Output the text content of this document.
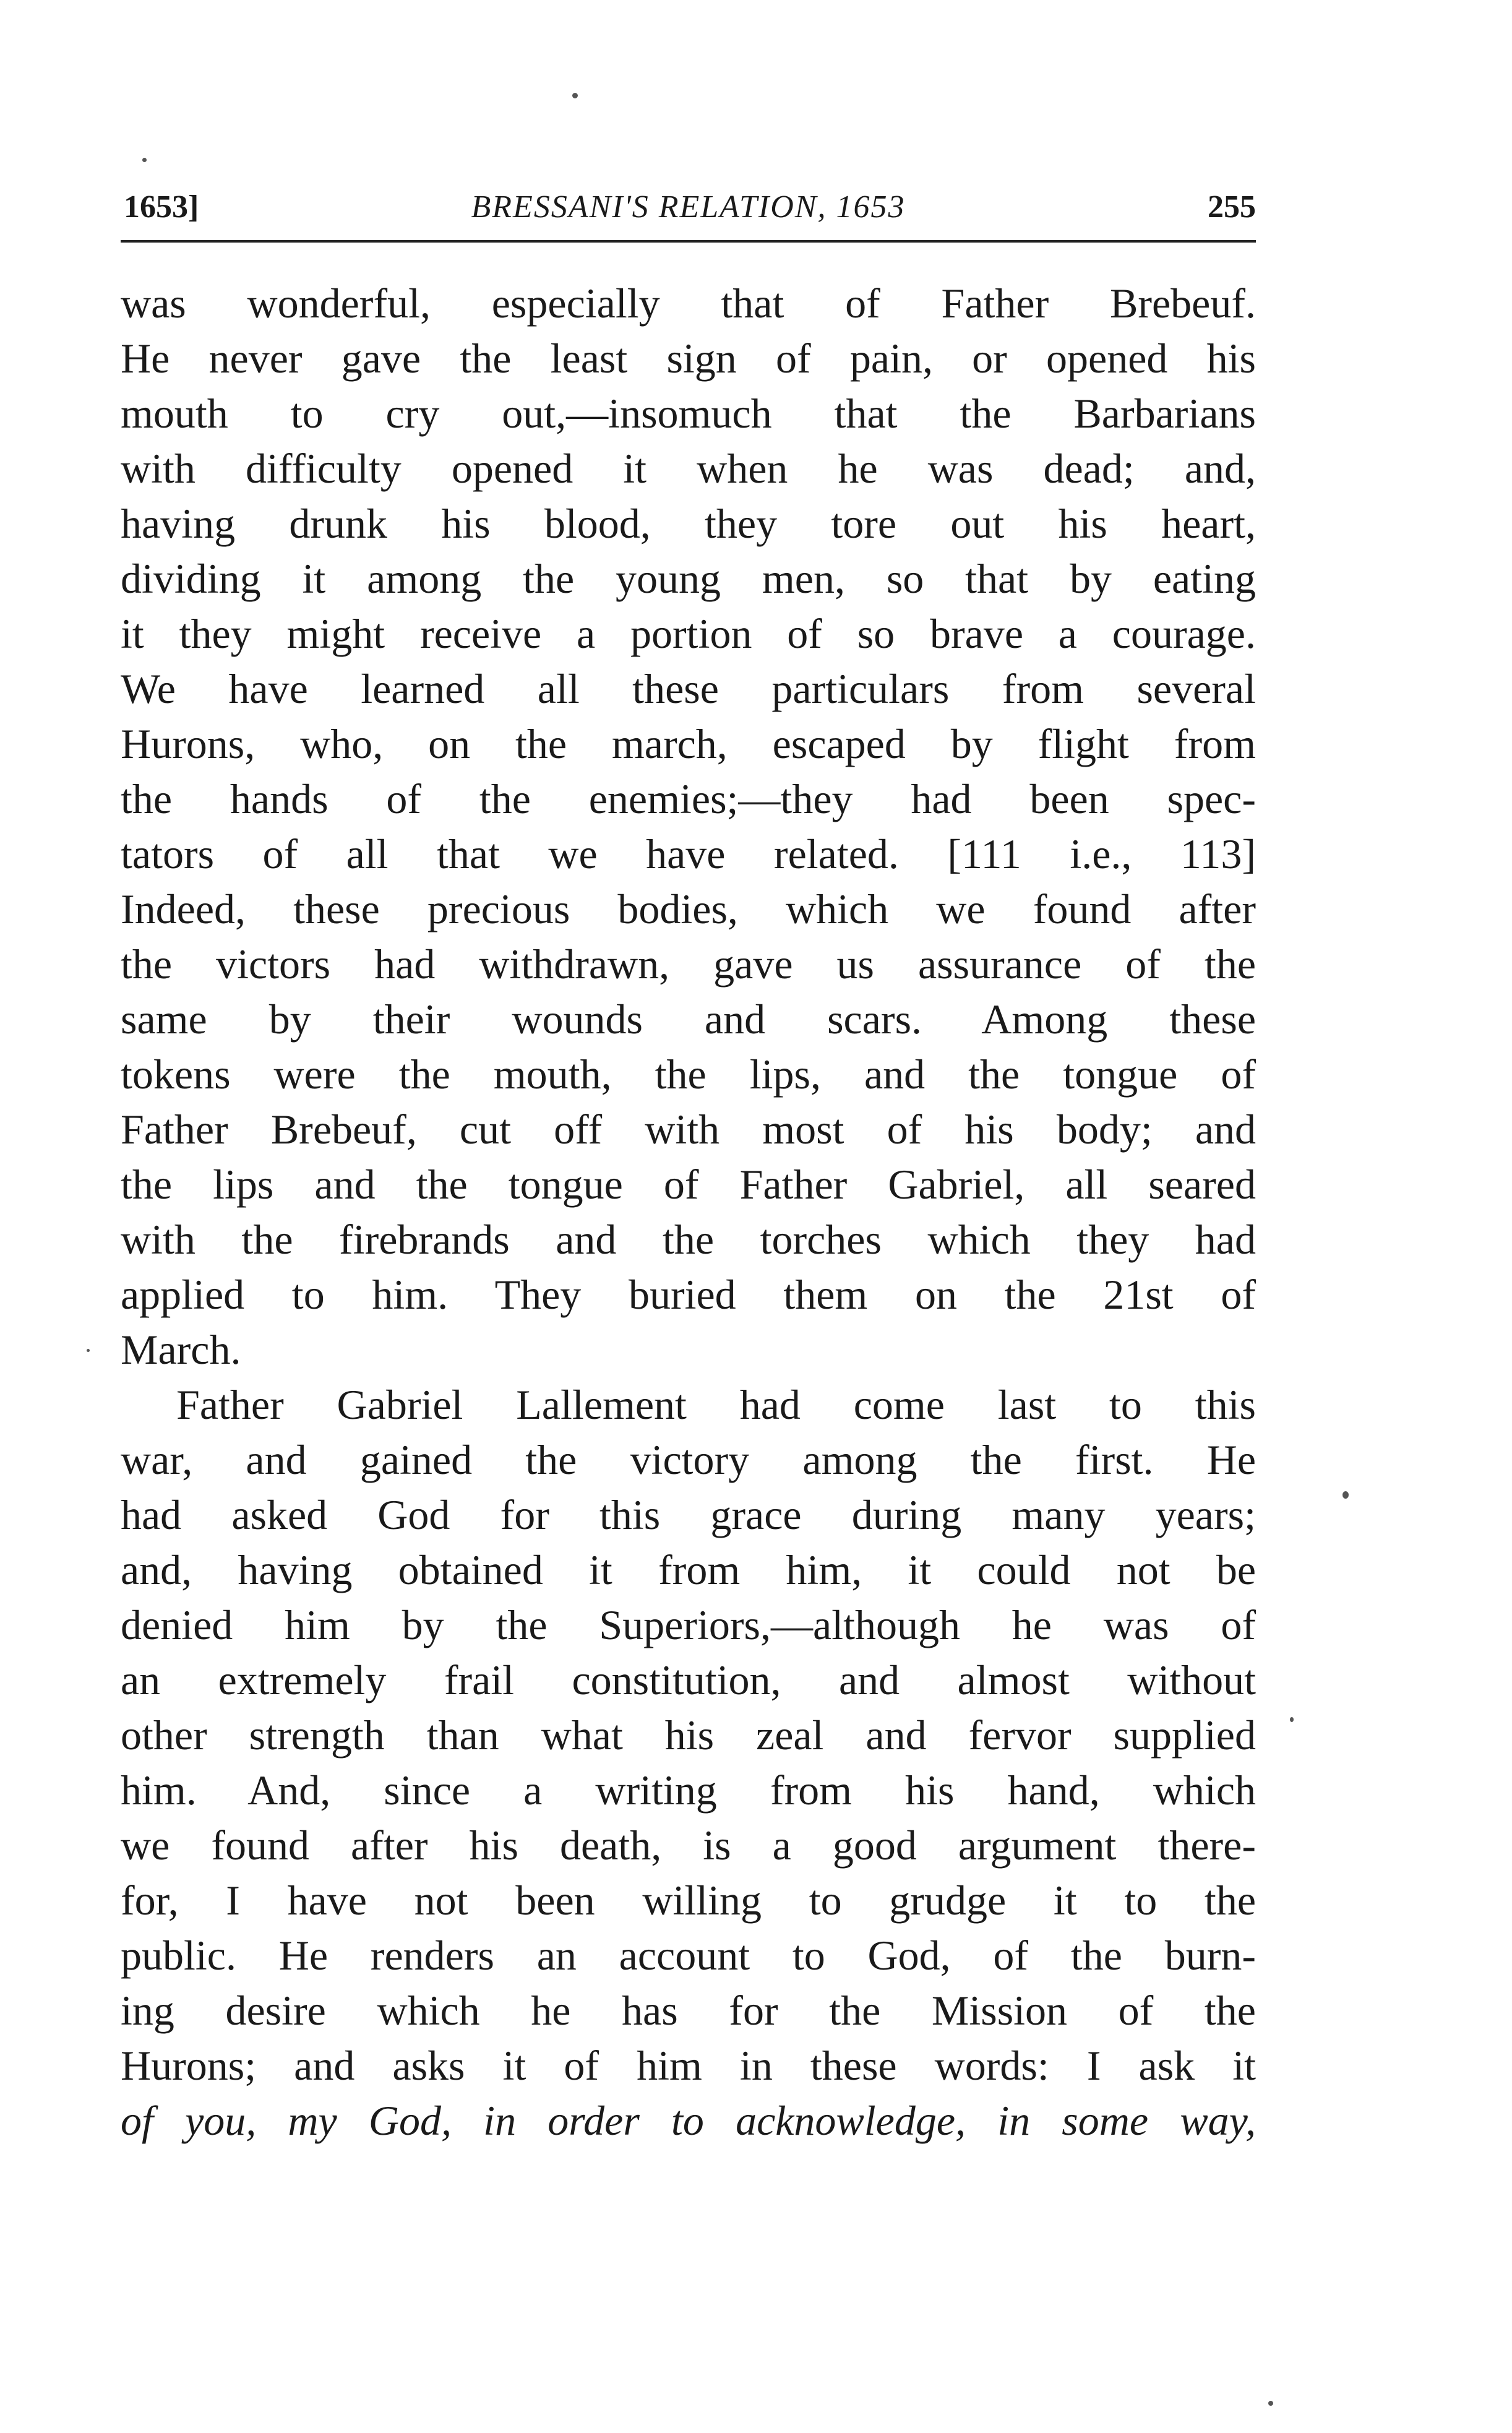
1653]	BRESSANI'S RELATION, 1653	255
was wonderful, especially that of Father Brebeuf.
He never gave the least sign of pain, or opened his
mouth to cry out,—insomuch that the Barbarians
with difficulty opened it when he was dead; and,
having drunk his blood, they tore out his heart,
dividing it among the young men, so that by eating
it they might receive a portion of so brave a courage.
We have learned all these particulars from several
Hurons, who, on the march, escaped by flight from
the hands of the enemies;—they had been spec-
tators of all that we have related. [111 i.e., 113]
Indeed, these precious bodies, which we found after
the victors had withdrawn, gave us assurance of the
same by their wounds and scars. Among these
tokens were the mouth, the lips, and the tongue of
Father Brebeuf, cut off with most of his body; and
the lips and the tongue of Father Gabriel, all seared
with the firebrands and the torches which they had
applied to him. They buried them on the 21st of
March.
Father Gabriel Lallement had come last to this
war, and gained the victory among the first. He
had asked God for this grace during many years;
and, having obtained it from him, it could not be
denied him by the Superiors,—although he was of
an extremely frail constitution, and almost without
other strength than what his zeal and fervor supplied
him. And, since a writing from his hand, which
we found after his death, is a good argument there-
for, I have not been willing to grudge it to the
public. He renders an account to God, of the burn-
ing desire which he has for the Mission of the
Hurons; and asks it of him in these words: I ask it
of you, my God, in order to acknowledge, in some way,
